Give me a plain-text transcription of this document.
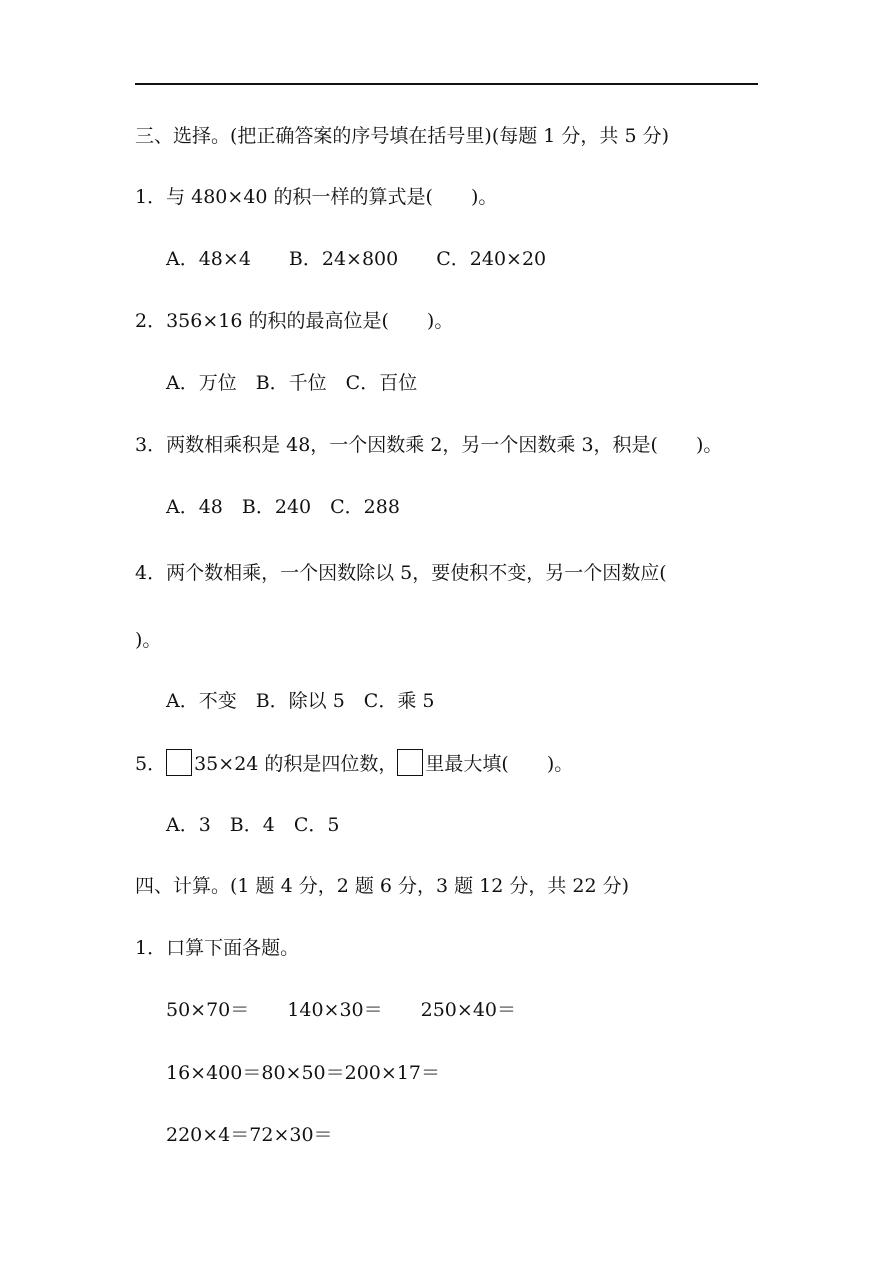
三、选择。(把正确答案的序号填在括号里)(每题 1 分，共 5 分)
1．与 480×40 的积一样的算式是(　　)。
A．48×4　　B．24×800　　C．240×20
2．356×16 的积的最高位是(　　)。
A．万位　B．千位　C．百位
3．两数相乘积是 48，一个因数乘 2，另一个因数乘 3，积是(　　)。
A．48　B．240　C．288
4．两个数相乘，一个因数除以 5，要使积不变，另一个因数应(
)。
A．不变　B．除以 5　C．乘 5
5． 35×24 的积是四位数， 里最大填(　　)。
A．3　B．4　C．5
四、计算。(1 题 4 分，2 题 6 分，3 题 12 分，共 22 分)
1．口算下面各题。
50×70＝　　140×30＝　　250×40＝
16×400＝80×50＝200×17＝
220×4＝72×30＝
